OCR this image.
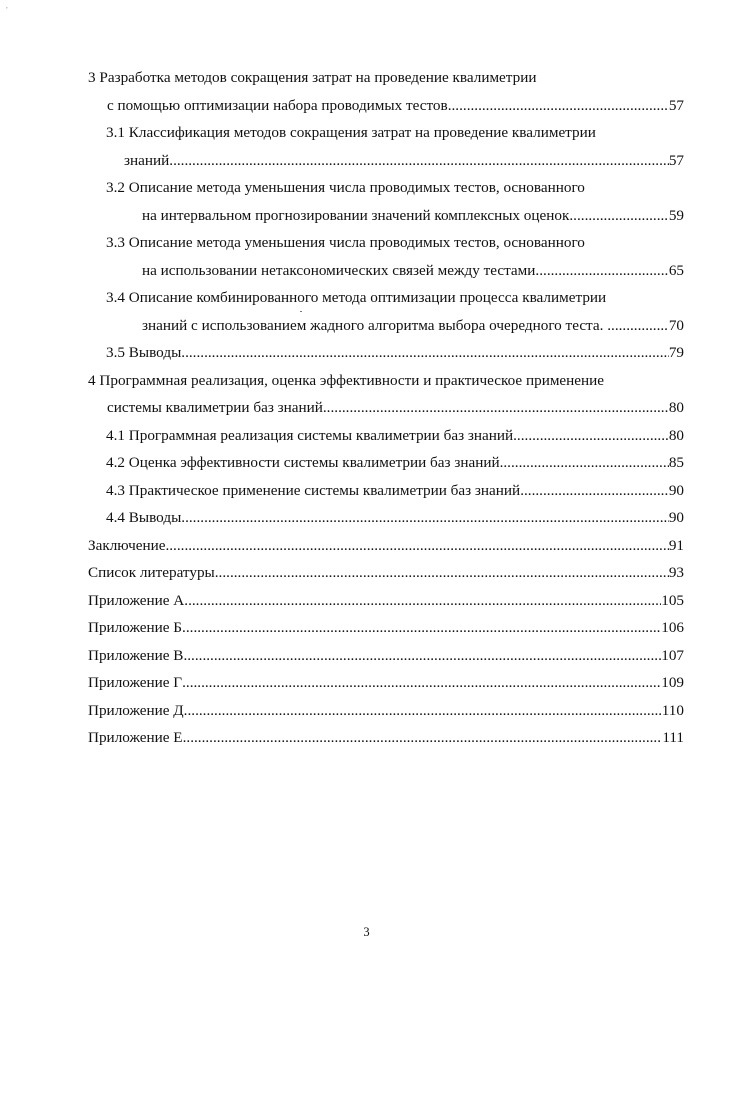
,
3 Разработка методов сокращения затрат на проведение квалиметрии
с помощью оптимизации набора проводимых тестов .....	57
3.1 Классификация методов сокращения затрат на проведение квалиметрии
знаний .....	57
3.2 Описание метода уменьшения числа проводимых тестов, основанного
на интервальном прогнозировании значений комплексных оценок .....	59
3.3 Описание метода уменьшения числа проводимых тестов, основанного
на использовании нетаксономических связей между тестами .....	65
3.4 Описание комбинированного метода оптимизации процесса квалиметрии
знаний с использованием жадного алгоритма выбора очередного теста. . .....	70
3.5 Выводы .....	79
4 Программная реализация, оценка эффективности и практическое применение
системы квалиметрии баз знаний .....	80
4.1 Программная реализация системы квалиметрии баз знаний .....	80
4.2 Оценка эффективности системы квалиметрии баз знаний .....	85
4.3 Практическое применение системы квалиметрии баз знаний .....	90
4.4 Выводы .....	90
Заключение .....	91
Список литературы .....	93
Приложение А .....	105
Приложение Б .....	106
Приложение В .....	107
Приложение Г .....	109
Приложение Д .....	110
Приложение Е .....	111
3
